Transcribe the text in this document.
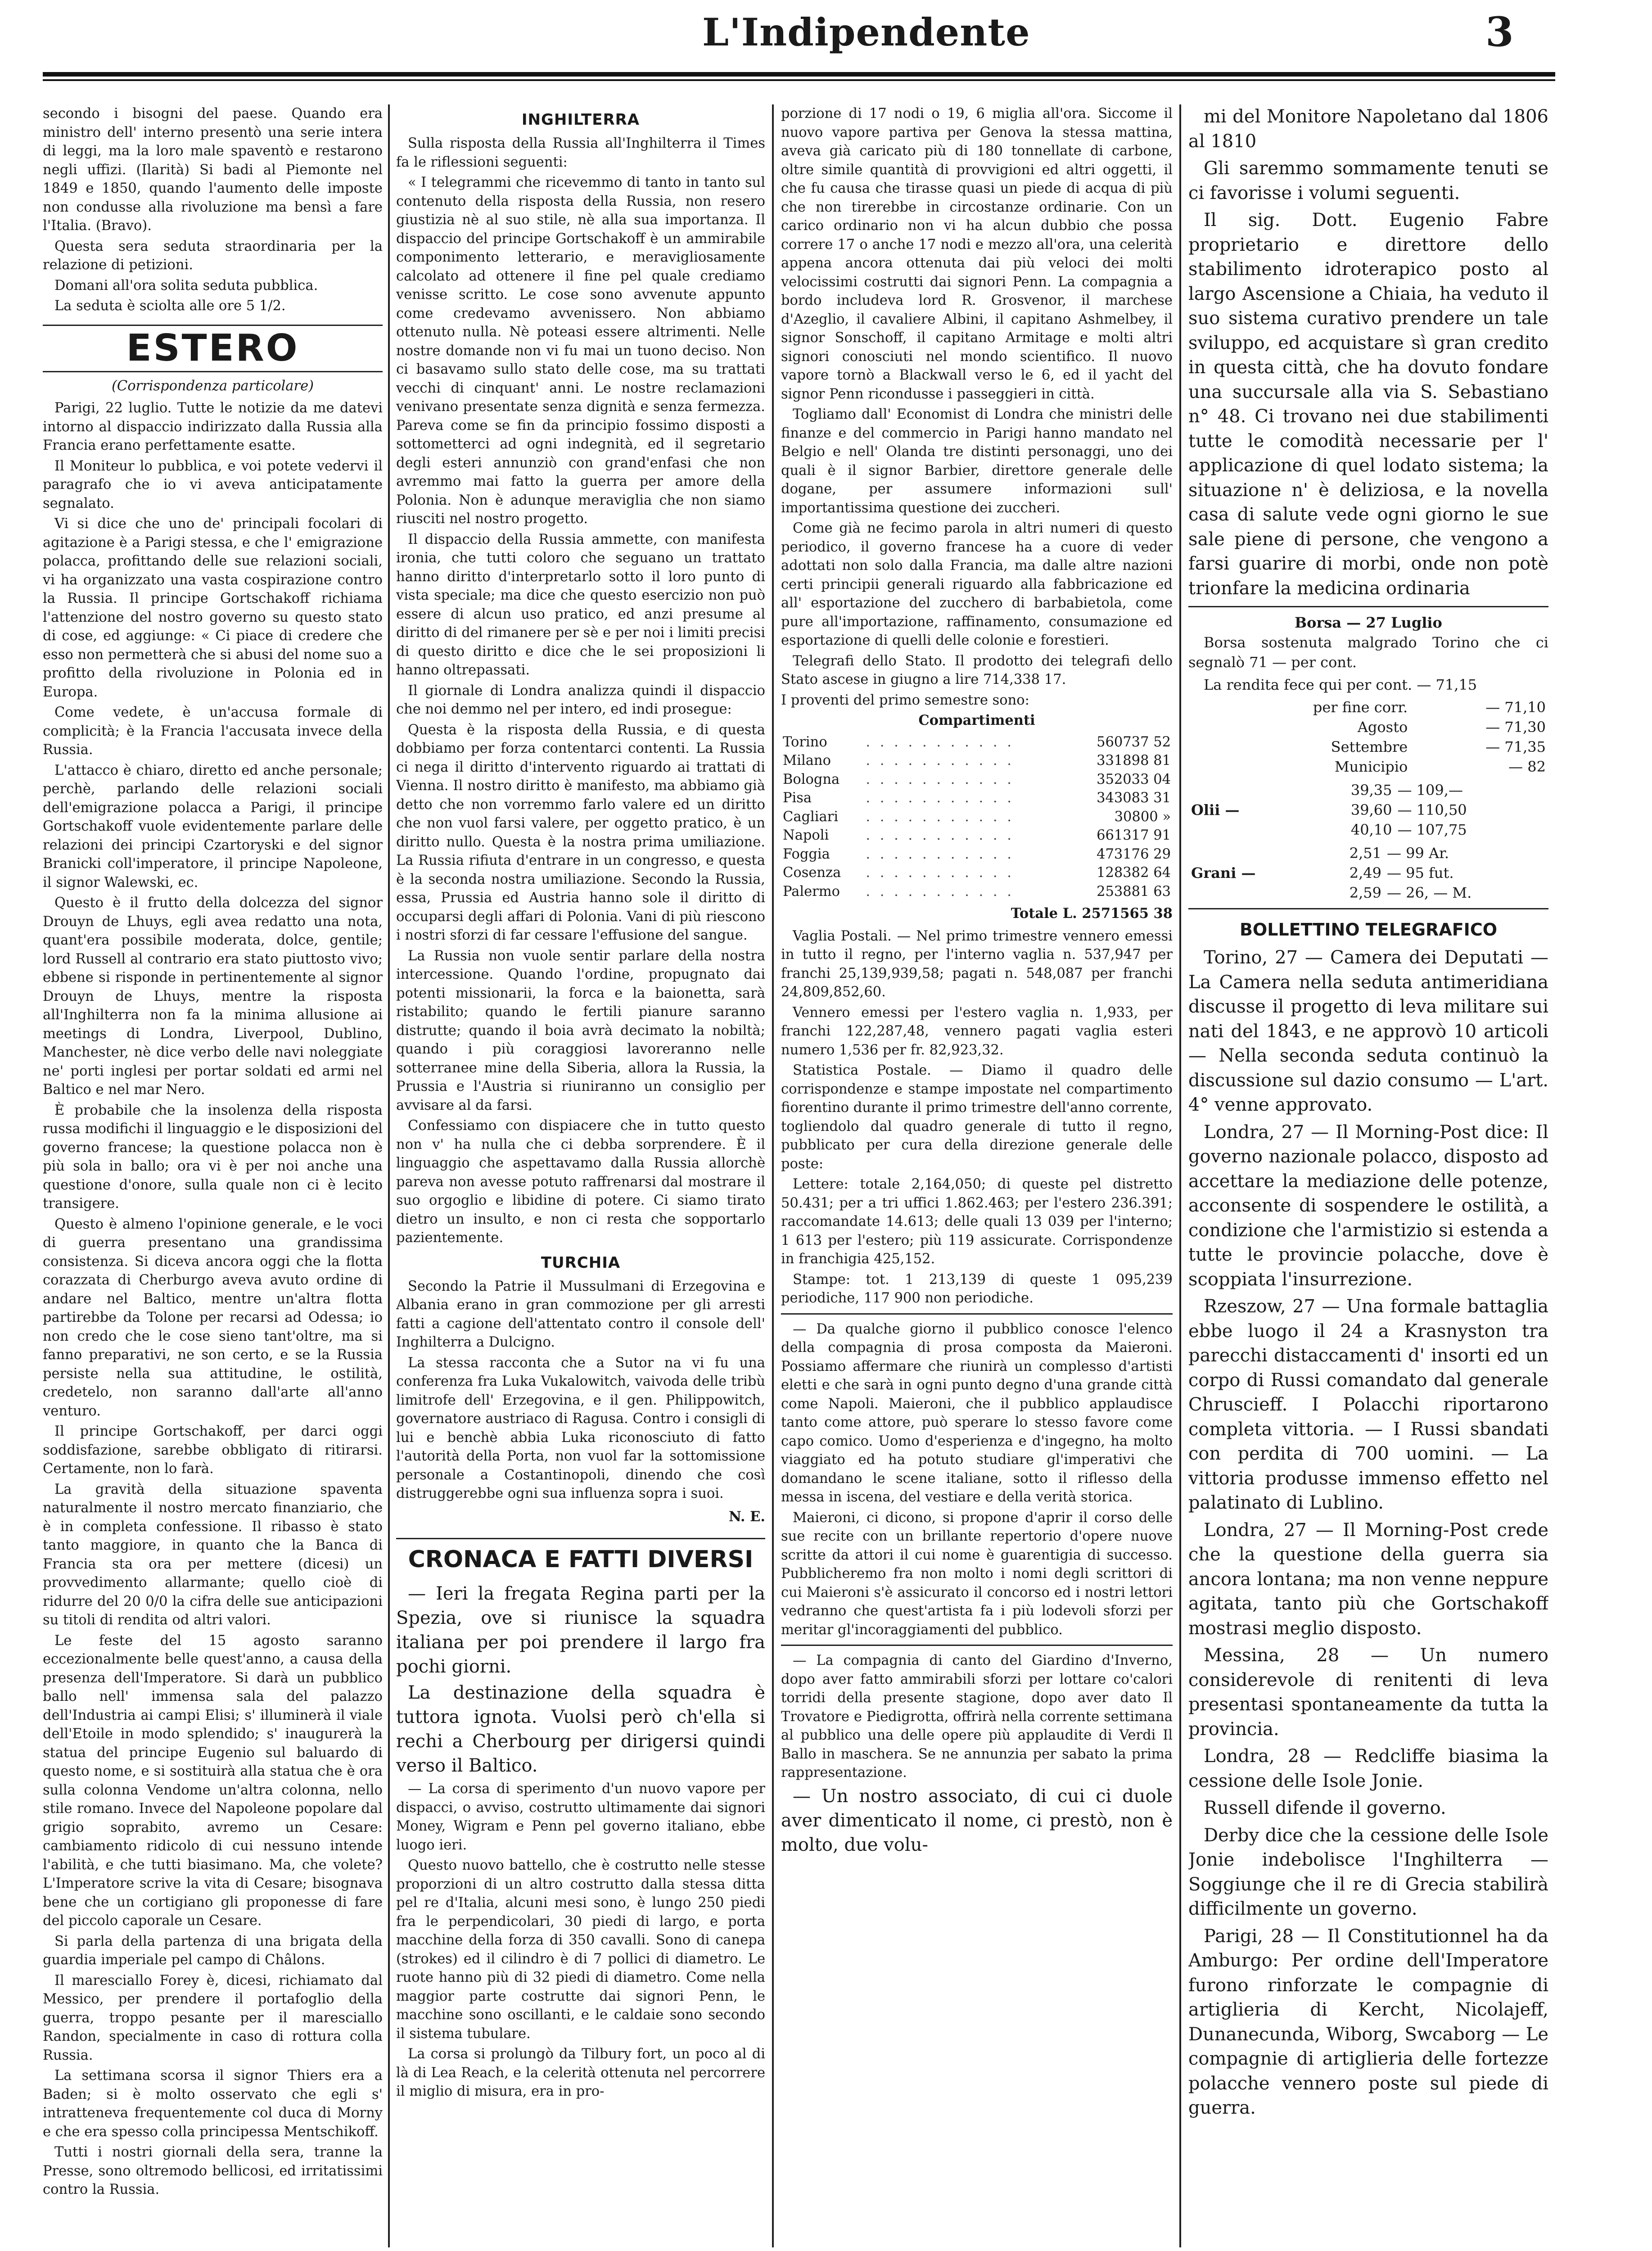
L'Indipendente	3

secondo i bisogni del paese. Quando era ministro dell' interno presentò una serie intera di leggi, ma la loro male spaventò e restarono negli uffizi. (Ilarità) Si badi al Piemonte nel 1849 e 1850, quando l'aumento delle imposte non condusse alla rivoluzione ma bensì a fare l'Italia. (Bravo).

Questa sera seduta straordinaria per la relazione di petizioni.

Domani all'ora solita seduta pubblica.

La seduta è sciolta alle ore 5 1/2.

ESTERO
(Corrispondenza particolare)

Parigi, 22 luglio. Tutte le notizie da me datevi intorno al dispaccio indirizzato dalla Russia alla Francia erano perfettamente esatte.

Il Moniteur lo pubblica, e voi potete vedervi il paragrafo che io vi aveva anticipatamente segnalato.

Vi si dice che uno de' principali focolari di agitazione è a Parigi stessa, e che l' emigrazione polacca, profittando delle sue relazioni sociali, vi ha organizzato una vasta cospirazione contro la Russia. Il principe Gortschakoff richiama l'attenzione del nostro governo su questo stato di cose, ed aggiunge: « Ci piace di credere che esso non permetterà che si abusi del nome suo a profitto della rivoluzione in Polonia ed in Europa.

Come vedete, è un'accusa formale di complicità; è la Francia l'accusata invece della Russia.

L'attacco è chiaro, diretto ed anche personale; perchè, parlando delle relazioni sociali dell'emigrazione polacca a Parigi, il principe Gortschakoff vuole evidentemente parlare delle relazioni dei principi Czartoryski e del signor Branicki coll'imperatore, il principe Napoleone, il signor Walewski, ec.

Questo è il frutto della dolcezza del signor Drouyn de Lhuys, egli avea redatto una nota, quant'era possibile moderata, dolce, gentile; lord Russell al contrario era stato piuttosto vivo; ebbene si risponde in pertinentemente al signor Drouyn de Lhuys, mentre la risposta all'Inghilterra non fa la minima allusione ai meetings di Londra, Liverpool, Dublino, Manchester, nè dice verbo delle navi noleggiate ne' porti inglesi per portar soldati ed armi nel Baltico e nel mar Nero.

È probabile che la insolenza della risposta russa modifichi il linguaggio e le disposizioni del governo francese; la questione polacca non è più sola in ballo; ora vi è per noi anche una questione d'onore, sulla quale non ci è lecito transigere.

Questo è almeno l'opinione generale, e le voci di guerra presentano una grandissima consistenza. Si diceva ancora oggi che la flotta corazzata di Cherburgo aveva avuto ordine di andare nel Baltico, mentre un'altra flotta partirebbe da Tolone per recarsi ad Odessa; io non credo che le cose sieno tant'oltre, ma si fanno preparativi, ne son certo, e se la Russia persiste nella sua attitudine, le ostilità, credetelo, non saranno dall'arte all'anno venturo.

Il principe Gortschakoff, per darci oggi soddisfazione, sarebbe obbligato di ritirarsi. Certamente, non lo farà.

La gravità della situazione spaventa naturalmente il nostro mercato finanziario, che è in completa confessione. Il ribasso è stato tanto maggiore, in quanto che la Banca di Francia sta ora per mettere (dicesi) un provvedimento allarmante; quello cioè di ridurre del 20 0/0 la cifra delle sue anticipazioni su titoli di rendita od altri valori.

Le feste del 15 agosto saranno eccezionalmente belle quest'anno, a causa della presenza dell'Imperatore. Si darà un pubblico ballo nell' immensa sala del palazzo dell'Industria ai campi Elisi; s' illuminerà il viale dell'Etoile in modo splendido; s' inaugurerà la statua del principe Eugenio sul baluardo di questo nome, e si sostituirà alla statua che è ora sulla colonna Vendome un'altra colonna, nello stile romano. Invece del Napoleone popolare dal grigio soprabito, avremo un Cesare: cambiamento ridicolo di cui nessuno intende l'abilità, e che tutti biasimano. Ma, che volete? L'Imperatore scrive la vita di Cesare; bisognava bene che un cortigiano gli proponesse di fare del piccolo caporale un Cesare.

Si parla della partenza di una brigata della guardia imperiale pel campo di Châlons.

Il maresciallo Forey è, dicesi, richiamato dal Messico, per prendere il portafoglio della guerra, troppo pesante per il maresciallo Randon, specialmente in caso di rottura colla Russia.

La settimana scorsa il signor Thiers era a Baden; si è molto osservato che egli s' intratteneva frequentemente col duca di Morny e che era spesso colla principessa Mentschikoff.

Tutti i nostri giornali della sera, tranne la Presse, sono oltremodo bellicosi, ed irritatissimi contro la Russia.

INGHILTERRA

Sulla risposta della Russia all'Inghilterra il Times fa le riflessioni seguenti:

« I telegrammi che ricevemmo di tanto in tanto sul contenuto della risposta della Russia, non resero giustizia nè al suo stile, nè alla sua importanza. Il dispaccio del principe Gortschakoff è un ammirabile componimento letterario, e meravigliosamente calcolato ad ottenere il fine pel quale crediamo venisse scritto. Le cose sono avvenute appunto come credevamo avvenissero. Non abbiamo ottenuto nulla. Nè poteasi essere altrimenti. Nelle nostre domande non vi fu mai un tuono deciso. Non ci basavamo sullo stato delle cose, ma su trattati vecchi di cinquant' anni. Le nostre reclamazioni venivano presentate senza dignità e senza fermezza. Pareva come se fin da principio fossimo disposti a sottometterci ad ogni indegnità, ed il segretario degli esteri annunziò con grand'enfasi che non avremmo mai fatto la guerra per amore della Polonia. Non è adunque meraviglia che non siamo riusciti nel nostro progetto.

Il dispaccio della Russia ammette, con manifesta ironia, che tutti coloro che seguano un trattato hanno diritto d'interpretarlo sotto il loro punto di vista speciale; ma dice che questo esercizio non può essere di alcun uso pratico, ed anzi presume al diritto di del rimanere per sè e per noi i limiti precisi di questo diritto e dice che le sei proposizioni li hanno oltrepassati.

Il giornale di Londra analizza quindi il dispaccio che noi demmo nel per intero, ed indi prosegue:

Questa è la risposta della Russia, e di questa dobbiamo per forza contentarci contenti. La Russia ci nega il diritto d'intervento riguardo ai trattati di Vienna. Il nostro diritto è manifesto, ma abbiamo già detto che non vorremmo farlo valere ed un diritto che non vuol farsi valere, per oggetto pratico, è un diritto nullo. Questa è la nostra prima umiliazione. La Russia rifiuta d'entrare in un congresso, e questa è la seconda nostra umiliazione. Secondo la Russia, essa, Prussia ed Austria hanno sole il diritto di occuparsi degli affari di Polonia. Vani di più riescono i nostri sforzi di far cessare l'effusione del sangue.

La Russia non vuole sentir parlare della nostra intercessione. Quando l'ordine, propugnato dai potenti missionarii, la forca e la baionetta, sarà ristabilito; quando le fertili pianure saranno distrutte; quando il boia avrà decimato la nobiltà; quando i più coraggiosi lavoreranno nelle sotterranee mine della Siberia, allora la Russia, la Prussia e l'Austria si riuniranno un consiglio per avvisare al da farsi.

Confessiamo con dispiacere che in tutto questo non v' ha nulla che ci debba sorprendere. È il linguaggio che aspettavamo dalla Russia allorchè pareva non avesse potuto raffrenarsi dal mostrare il suo orgoglio e libidine di potere. Ci siamo tirato dietro un insulto, e non ci resta che sopportarlo pazientemente.

TURCHIA

Secondo la Patrie il Mussulmani di Erzegovina e Albania erano in gran commozione per gli arresti fatti a cagione dell'attentato contro il console dell' Inghilterra a Dulcigno.

La stessa racconta che a Sutor na vi fu una conferenza fra Luka Vukalowitch, vaivoda delle tribù limitrofe dell' Erzegovina, e il gen. Philippowitch, governatore austriaco di Ragusa. Contro i consigli di lui e benchè abbia Luka riconosciuto di fatto l'autorità della Porta, non vuol far la sottomissione personale a Costantinopoli, dinendo che così distruggerebbe ogni sua influenza sopra i suoi.

N. E.
CRONACA E FATTI DIVERSI

— Ieri la fregata Regina parti per la Spezia, ove si riunisce la squadra italiana per poi prendere il largo fra pochi giorni.

La destinazione della squadra è tuttora ignota. Vuolsi però ch'ella si rechi a Cherbourg per dirigersi quindi verso il Baltico.

— La corsa di sperimento d'un nuovo vapore per dispacci, o avviso, costrutto ultimamente dai signori Money, Wigram e Penn pel governo italiano, ebbe luogo ieri.

Questo nuovo battello, che è costrutto nelle stesse proporzioni di un altro costrutto dalla stessa ditta pel re d'Italia, alcuni mesi sono, è lungo 250 piedi fra le perpendicolari, 30 piedi di largo, e porta macchine della forza di 350 cavalli. Sono di canepa (strokes) ed il cilindro è di 7 pollici di diametro. Le ruote hanno più di 32 piedi di diametro. Come nella maggior parte costrutte dai signori Penn, le macchine sono oscillanti, e le caldaie sono secondo il sistema tubulare.

La corsa si prolungò da Tilbury fort, un poco al di là di Lea Reach, e la celerità ottenuta nel percorrere il miglio di misura, era in pro-

porzione di 17 nodi o 19, 6 miglia all'ora. Siccome il nuovo vapore partiva per Genova la stessa mattina, aveva già caricato più di 180 tonnellate di carbone, oltre simile quantità di provvigioni ed altri oggetti, il che fu causa che tirasse quasi un piede di acqua di più che non tirerebbe in circostanze ordinarie. Con un carico ordinario non vi ha alcun dubbio che possa correre 17 o anche 17 nodi e mezzo all'ora, una celerità appena ancora ottenuta dai più veloci dei molti velocissimi costrutti dai signori Penn. La compagnia a bordo includeva lord R. Grosvenor, il marchese d'Azeglio, il cavaliere Albini, il capitano Ashmelbey, il signor Sonschoff, il capitano Armitage e molti altri signori conosciuti nel mondo scientifico. Il nuovo vapore tornò a Blackwall verso le 6, ed il yacht del signor Penn ricondusse i passeggieri in città.

Togliamo dall' Economist di Londra che ministri delle finanze e del commercio in Parigi hanno mandato nel Belgio e nell' Olanda tre distinti personaggi, uno dei quali è il signor Barbier, direttore generale delle dogane, per assumere informazioni sull' importantissima questione dei zuccheri.

Come già ne fecimo parola in altri numeri di questo periodico, il governo francese ha a cuore di veder adottati non solo dalla Francia, ma dalle altre nazioni certi principii generali riguardo alla fabbricazione ed all' esportazione del zucchero di barbabietola, come pure all'importazione, raffinamento, consumazione ed esportazione di quelli delle colonie e forestieri.

Telegrafi dello Stato. Il prodotto dei telegrafi dello Stato ascese in giugno a lire 714,338 17.

I proventi del primo semestre sono:

Compartimenti
Torino	. . . . . . . . . . .	560737 52
Milano	. . . . . . . . . . .	331898 81
Bologna	. . . . . . . . . . .	352033 04
Pisa	. . . . . . . . . . .	343083 31
Cagliari	. . . . . . . . . . .	30800 »
Napoli	. . . . . . . . . . .	661317 91
Foggia	. . . . . . . . . . .	473176 29
Cosenza	. . . . . . . . . . .	128382 64
Palermo	. . . . . . . . . . .	253881 63
Totale L. 2571565 38

Vaglia Postali. — Nel primo trimestre vennero emessi in tutto il regno, per l'interno vaglia n. 537,947 per franchi 25,139,939,58; pagati n. 548,087 per franchi 24,809,852,60.

Vennero emessi per l'estero vaglia n. 1,933, per franchi 122,287,48, vennero pagati vaglia esteri numero 1,536 per fr. 82,923,32.

Statistica Postale. — Diamo il quadro delle corrispondenze e stampe impostate nel compartimento fiorentino durante il primo trimestre dell'anno corrente, togliendolo dal quadro generale di tutto il regno, pubblicato per cura della direzione generale delle poste:

Lettere: totale 2,164,050; di queste pel distretto 50.431; per a tri uffici 1.862.463; per l'estero 236.391; raccomandate 14.613; delle quali 13 039 per l'interno; 1 613 per l'estero; più 119 assicurate. Corrispondenze in franchigia 425,152.

Stampe: tot. 1 213,139 di queste 1 095,239 periodiche, 117 900 non periodiche.

— Da qualche giorno il pubblico conosce l'elenco della compagnia di prosa composta da Maieroni. Possiamo affermare che riunirà un complesso d'artisti eletti e che sarà in ogni punto degno d'una grande città come Napoli. Maieroni, che il pubblico applaudisce tanto come attore, può sperare lo stesso favore come capo comico. Uomo d'esperienza e d'ingegno, ha molto viaggiato ed ha potuto studiare gl'imperativi che domandano le scene italiane, sotto il riflesso della messa in iscena, del vestiare e della verità storica.

Maieroni, ci dicono, si propone d'aprir il corso delle sue recite con un brillante repertorio d'opere nuove scritte da attori il cui nome è guarentigia di successo. Pubblicheremo fra non molto i nomi degli scrittori di cui Maieroni s'è assicurato il concorso ed i nostri lettori vedranno che quest'artista fa i più lodevoli sforzi per meritar gl'incoraggiamenti del pubblico.

— La compagnia di canto del Giardino d'Inverno, dopo aver fatto ammirabili sforzi per lottare co'calori torridi della presente stagione, dopo aver dato Il Trovatore e Piedigrotta, offrirà nella corrente settimana al pubblico una delle opere più applaudite di Verdi Il Ballo in maschera. Se ne annunzia per sabato la prima rappresentazione.

— Un nostro associato, di cui ci duole aver dimenticato il nome, ci prestò, non è molto, due volu-

mi del Monitore Napoletano dal 1806 al 1810

Gli saremmo sommamente tenuti se ci favorisse i volumi seguenti.

Il sig. Dott. Eugenio Fabre proprietario e direttore dello stabilimento idroterapico posto al largo Ascensione a Chiaia, ha veduto il suo sistema curativo prendere un tale sviluppo, ed acquistare sì gran credito in questa città, che ha dovuto fondare una succursale alla via S. Sebastiano n° 48. Ci trovano nei due stabilimenti tutte le comodità necessarie per l' applicazione di quel lodato sistema; la situazione n' è deliziosa, e la novella casa di salute vede ogni giorno le sue sale piene di persone, che vengono a farsi guarire di morbi, onde non potè trionfare la medicina ordinaria

Borsa — 27 Luglio

Borsa sostenuta malgrado Torino che ci segnalò 71 — per cont.

La rendita fece qui per cont. — 71,15

	per fine corr.	— 71,10
	Agosto	— 71,30
	Settembre	— 71,35
	Municipio	— 82
	39,35	— 109,—
Olii —	39,60	— 110,50
	40,10	— 107,75
	2,51	— 99 Ar.
Grani —	2,49	— 95 fut.
	2,59	— 26, — M.
BOLLETTINO TELEGRAFICO

Torino, 27 — Camera dei Deputati — La Camera nella seduta antimeridiana discusse il progetto di leva militare sui nati del 1843, e ne approvò 10 articoli — Nella seconda seduta continuò la discussione sul dazio consumo — L'art. 4° venne approvato.

Londra, 27 — Il Morning-Post dice: Il governo nazionale polacco, disposto ad accettare la mediazione delle potenze, acconsente di sospendere le ostilità, a condizione che l'armistizio si estenda a tutte le provincie polacche, dove è scoppiata l'insurrezione.

Rzeszow, 27 — Una formale battaglia ebbe luogo il 24 a Krasnyston tra parecchi distaccamenti d' insorti ed un corpo di Russi comandato dal generale Chruscieff. I Polacchi riportarono completa vittoria. — I Russi sbandati con perdita di 700 uomini. — La vittoria produsse immenso effetto nel palatinato di Lublino.

Londra, 27 — Il Morning-Post crede che la questione della guerra sia ancora lontana; ma non venne neppure agitata, tanto più che Gortschakoff mostrasi meglio disposto.

Messina, 28 — Un numero considerevole di renitenti di leva presentasi spontaneamente da tutta la provincia.

Londra, 28 — Redcliffe biasima la cessione delle Isole Jonie.

Russell difende il governo.

Derby dice che la cessione delle Isole Jonie indebolisce l'Inghilterra — Soggiunge che il re di Grecia stabilirà difficilmente un governo.

Parigi, 28 — Il Constitutionnel ha da Amburgo: Per ordine dell'Imperatore furono rinforzate le compagnie di artiglieria di Kercht, Nicolajeff, Dunanecunda, Wiborg, Swcaborg — Le compagnie di artiglieria delle fortezze polacche vennero poste sul piede di guerra.
